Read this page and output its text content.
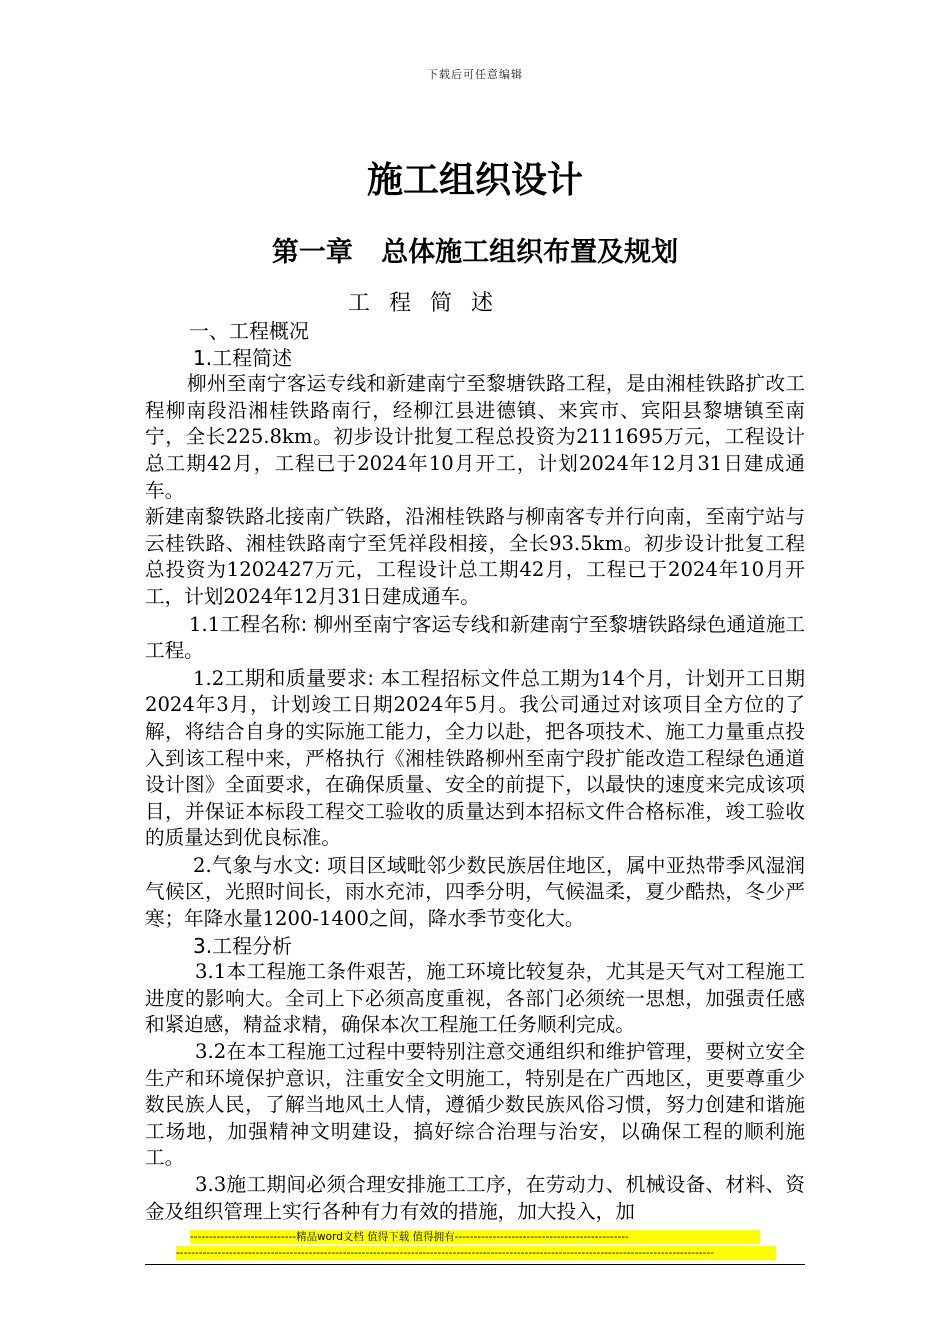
下载后可任意编辑
施工组织设计
第一章   总体施工组织布置及规划
工程简述

一、工程概况

1.工程简述

柳州至南宁客运专线和新建南宁至黎塘铁路工程，是由湘桂铁路扩改工程柳南段沿湘桂铁路南行，经柳江县进德镇、来宾市、宾阳县黎塘镇至南宁，全长225.8km。初步设计批复工程总投资为2111695万元，工程设计总工期42月，工程已于2024年10月开工，计划2024年12月31日建成通车。

新建南黎铁路北接南广铁路，沿湘桂铁路与柳南客专并行向南，至南宁站与云桂铁路、湘桂铁路南宁至凭祥段相接，全长93.5km。初步设计批复工程总投资为1202427万元，工程设计总工期42月，工程已于2024年10月开工，计划2024年12月31日建成通车。

1.1工程名称: 柳州至南宁客运专线和新建南宁至黎塘铁路绿色通道施工工程。

1.2工期和质量要求: 本工程招标文件总工期为14个月，计划开工日期2024年3月，计划竣工日期2024年5月。我公司通过对该项目全方位的了解，将结合自身的实际施工能力，全力以赴，把各项技术、施工力量重点投入到该工程中来，严格执行《湘桂铁路柳州至南宁段扩能改造工程绿色通道设计图》全面要求，在确保质量、安全的前提下，以最快的速度来完成该项目，并保证本标段工程交工验收的质量达到本招标文件合格标准，竣工验收的质量达到优良标准。

2.气象与水文: 项目区域毗邻少数民族居住地区，属中亚热带季风湿润气候区，光照时间长，雨水充沛，四季分明，气候温柔，夏少酷热，冬少严寒；年降水量1200-1400之间，降水季节变化大。

3.工程分析

3.1本工程施工条件艰苦，施工环境比较复杂，尤其是天气对工程施工进度的影响大。全司上下必须高度重视，各部门必须统一思想，加强责任感和紧迫感，精益求精，确保本次工程施工任务顺利完成。

3.2在本工程施工过程中要特别注意交通组织和维护管理，要树立安全生产和环境保护意识，注重安全文明施工，特别是在广西地区，更要尊重少数民族人民，了解当地风土人情，遵循少数民族风俗习惯，努力创建和谐施工场地，加强精神文明建设，搞好综合治理与治安，以确保工程的顺利施工。

3.3施工期间必须合理安排施工工序，在劳动力、机械设备、材料、资金及组织管理上实行各种有力有效的措施，加大投入，加

----------------------------精品word文档 值得下载 值得拥有----------------------------------------------
----------------------------------------------------------------------------------------------------------------------------------------------
